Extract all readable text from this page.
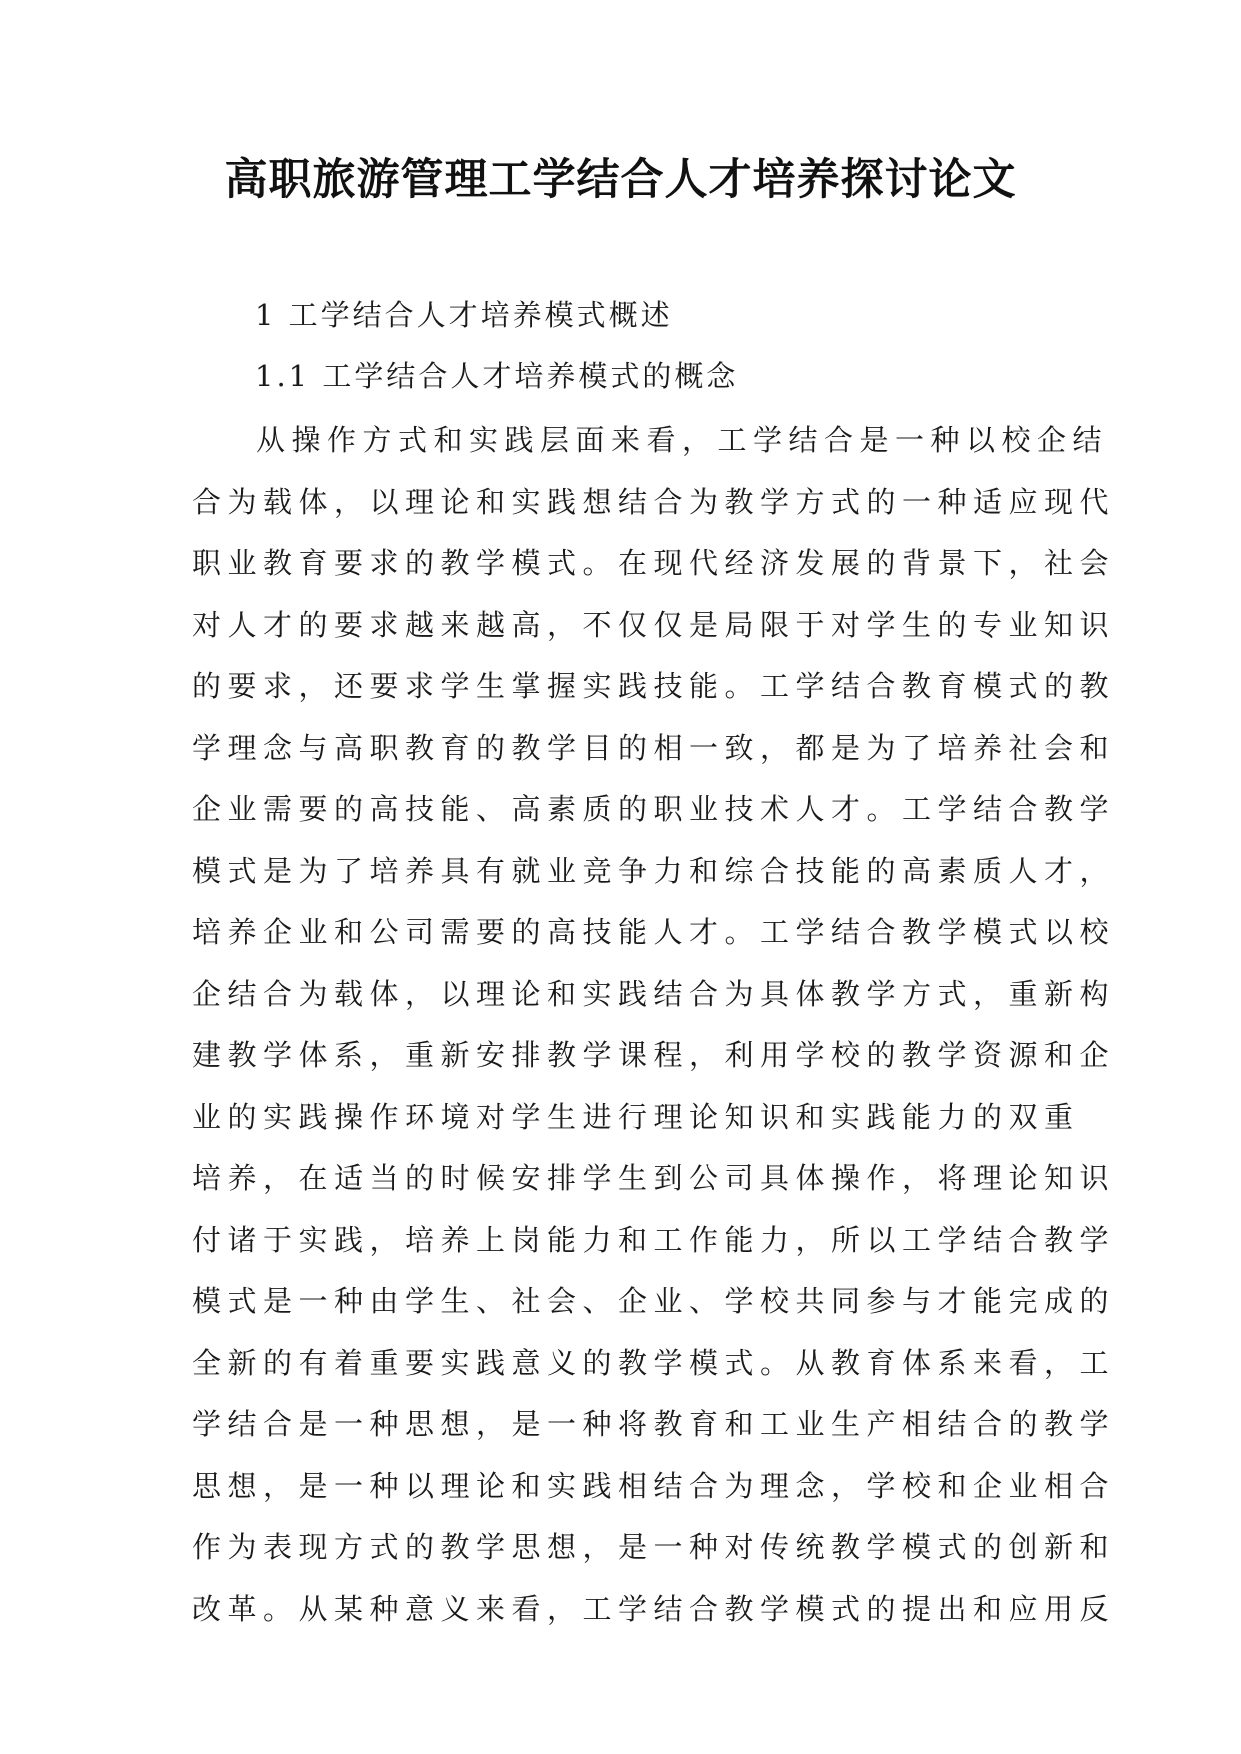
高职旅游管理工学结合人才培养探讨论文
1 工学结合人才培养模式概述
1.1 工学结合人才培养模式的概念
从操作方式和实践层面来看，工学结合是一种以校企结
合为载体，以理论和实践想结合为教学方式的一种适应现代
职业教育要求的教学模式。在现代经济发展的背景下，社会
对人才的要求越来越高，不仅仅是局限于对学生的专业知识
的要求，还要求学生掌握实践技能。工学结合教育模式的教
学理念与高职教育的教学目的相一致，都是为了培养社会和
企业需要的高技能、高素质的职业技术人才。工学结合教学
模式是为了培养具有就业竞争力和综合技能的高素质人才，
培养企业和公司需要的高技能人才。工学结合教学模式以校
企结合为载体，以理论和实践结合为具体教学方式，重新构
建教学体系，重新安排教学课程，利用学校的教学资源和企
业的实践操作环境对学生进行理论知识和实践能力的双重
培养，在适当的时候安排学生到公司具体操作，将理论知识
付诸于实践，培养上岗能力和工作能力，所以工学结合教学
模式是一种由学生、社会、企业、学校共同参与才能完成的
全新的有着重要实践意义的教学模式。从教育体系来看，工
学结合是一种思想，是一种将教育和工业生产相结合的教学
思想，是一种以理论和实践相结合为理念，学校和企业相合
作为表现方式的教学思想，是一种对传统教学模式的创新和
改革。从某种意义来看，工学结合教学模式的提出和应用反
